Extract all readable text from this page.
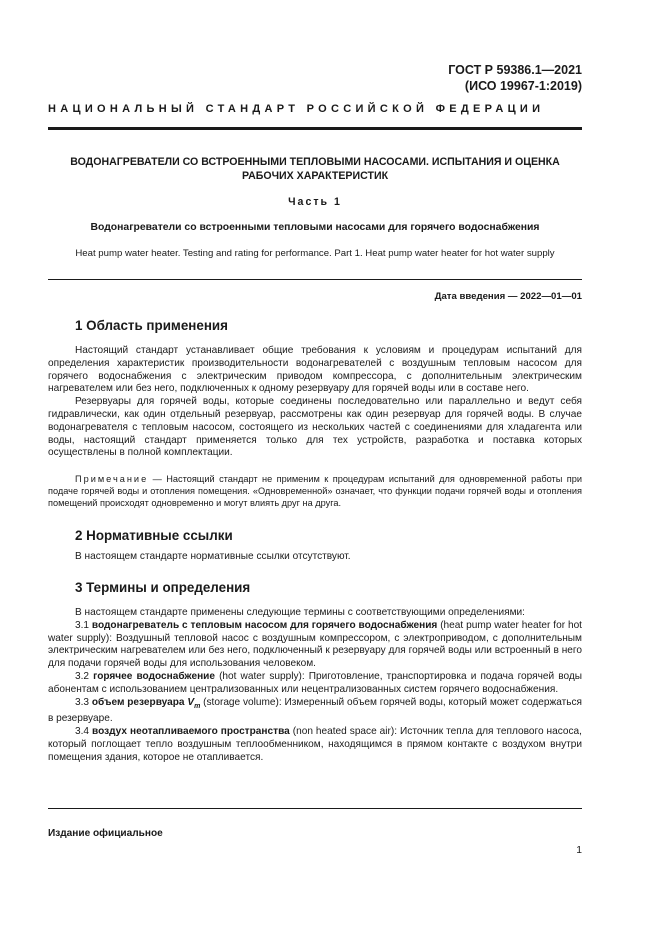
ГОСТ Р 59386.1—2021
(ИСО 19967-1:2019)
НАЦИОНАЛЬНЫЙ СТАНДАРТ РОССИЙСКОЙ ФЕДЕРАЦИИ
ВОДОНАГРЕВАТЕЛИ СО ВСТРОЕННЫМИ ТЕПЛОВЫМИ НАСОСАМИ. ИСПЫТАНИЯ И ОЦЕНКА
РАБОЧИХ ХАРАКТЕРИСТИК
Часть 1
Водонагреватели со встроенными тепловыми насосами для горячего водоснабжения
Heat pump water heater. Testing and rating for performance. Part 1. Heat pump water heater for hot water supply
Дата введения — 2022—01—01
1 Область применения

Настоящий стандарт устанавливает общие требования к условиям и процедурам испытаний для определения характеристик производительности водонагревателей с воздушным тепловым насосом для горячего водоснабжения с электрическим приводом компрессора, с дополнительным электрическим нагревателем или без него, подключенных к одному резервуару для горячей воды или в составе него.

Резервуары для горячей воды, которые соединены последовательно или параллельно и ведут себя гидравлически, как один отдельный резервуар, рассмотрены как один резервуар для горячей воды. В случае водонагревателя с тепловым насосом, состоящего из нескольких частей с соединениями для хладагента или воды, настоящий стандарт применяется только для тех устройств, разработка и поставка которых осуществлены в полной комплектации.

Примечание — Настоящий стандарт не применим к процедурам испытаний для одновременной работы при подаче горячей воды и отопления помещения. «Одновременной» означает, что функции подачи горячей воды и отопления помещений происходят одновременно и могут влиять друг на друга.

2 Нормативные ссылки

В настоящем стандарте нормативные ссылки отсутствуют.

3 Термины и определения

В настоящем стандарте применены следующие термины с соответствующими определениями:

3.1 водонагреватель с тепловым насосом для горячего водоснабжения (heat pump water heater for hot water supply): Воздушный тепловой насос с воздушным компрессором, с электроприводом, с дополнительным электрическим нагревателем или без него, подключенный к резервуару для горячей воды или встроенный в него для подачи горячей воды для использования человеком.

3.2 горячее водоснабжение (hot water supply): Приготовление, транспортировка и подача горячей воды абонентам с использованием централизованных или нецентрализованных систем горячего водоснабжения.

3.3 объем резервуара $V_m$ (storage volume): Измеренный объем горячей воды, который может содержаться в резервуаре.

3.4 воздух неотапливаемого пространства (non heated space air): Источник тепла для теплового насоса, который поглощает тепло воздушным теплообменником, находящимся в прямом контакте с воздухом внутри помещения здания, которое не отапливается.

Издание официальное
1
